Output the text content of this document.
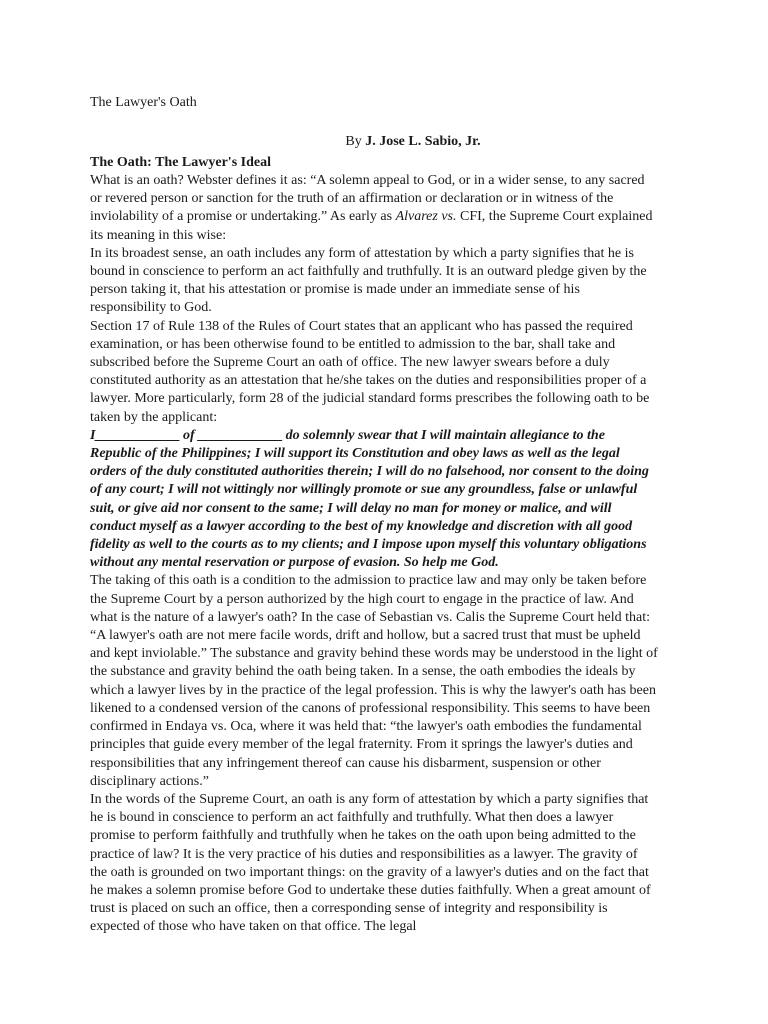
The Lawyer's Oath
By J. Jose L. Sabio, Jr.
The Oath: The Lawyer's Ideal

What is an oath? Webster defines it as: “A solemn appeal to God, or in a wider sense, to any sacred or revered person or sanction for the truth of an affirmation or declaration or in witness of the inviolability of a promise or undertaking.” As early as Alvarez vs. CFI, the Supreme Court explained its meaning in this wise:

In its broadest sense, an oath includes any form of attestation by which a party signifies that he is bound in conscience to perform an act faithfully and truthfully. It is an outward pledge given by the person taking it, that his attestation or promise is made under an immediate sense of his responsibility to God.

Section 17 of Rule 138 of the Rules of Court states that an applicant who has passed the required examination, or has been otherwise found to be entitled to admission to the bar, shall take and subscribed before the Supreme Court an oath of office. The new lawyer swears before a duly constituted authority as an attestation that he/she takes on the duties and responsibilities proper of a lawyer. More particularly, form 28 of the judicial standard forms prescribes the following oath to be taken by the applicant:

I____________ of ____________ do solemnly swear that I will maintain allegiance to the Republic of the Philippines; I will support its Constitution and obey laws as well as the legal orders of the duly constituted authorities therein; I will do no falsehood, nor consent to the doing of any court; I will not wittingly nor willingly promote or sue any groundless, false or unlawful suit, or give aid nor consent to the same; I will delay no man for money or malice, and will conduct myself as a lawyer according to the best of my knowledge and discretion with all good fidelity as well to the courts as to my clients; and I impose upon myself this voluntary obligations without any mental reservation or purpose of evasion. So help me God.

The taking of this oath is a condition to the admission to practice law and may only be taken before the Supreme Court by a person authorized by the high court to engage in the practice of law. And what is the nature of a lawyer's oath? In the case of Sebastian vs. Calis the Supreme Court held that: “A lawyer's oath are not mere facile words, drift and hollow, but a sacred trust that must be upheld and kept inviolable.” The substance and gravity behind these words may be understood in the light of the substance and gravity behind the oath being taken. In a sense, the oath embodies the ideals by which a lawyer lives by in the practice of the legal profession. This is why the lawyer's oath has been likened to a condensed version of the canons of professional responsibility. This seems to have been confirmed in Endaya vs. Oca, where it was held that: “the lawyer's oath embodies the fundamental principles that guide every member of the legal fraternity. From it springs the lawyer's duties and responsibilities that any infringement thereof can cause his disbarment, suspension or other disciplinary actions.”

In the words of the Supreme Court, an oath is any form of attestation by which a party signifies that he is bound in conscience to perform an act faithfully and truthfully. What then does a lawyer promise to perform faithfully and truthfully when he takes on the oath upon being admitted to the practice of law? It is the very practice of his duties and responsibilities as a lawyer. The gravity of the oath is grounded on two important things: on the gravity of a lawyer's duties and on the fact that he makes a solemn promise before God to undertake these duties faithfully. When a great amount of trust is placed on such an office, then a corresponding sense of integrity and responsibility is expected of those who have taken on that office. The legal
